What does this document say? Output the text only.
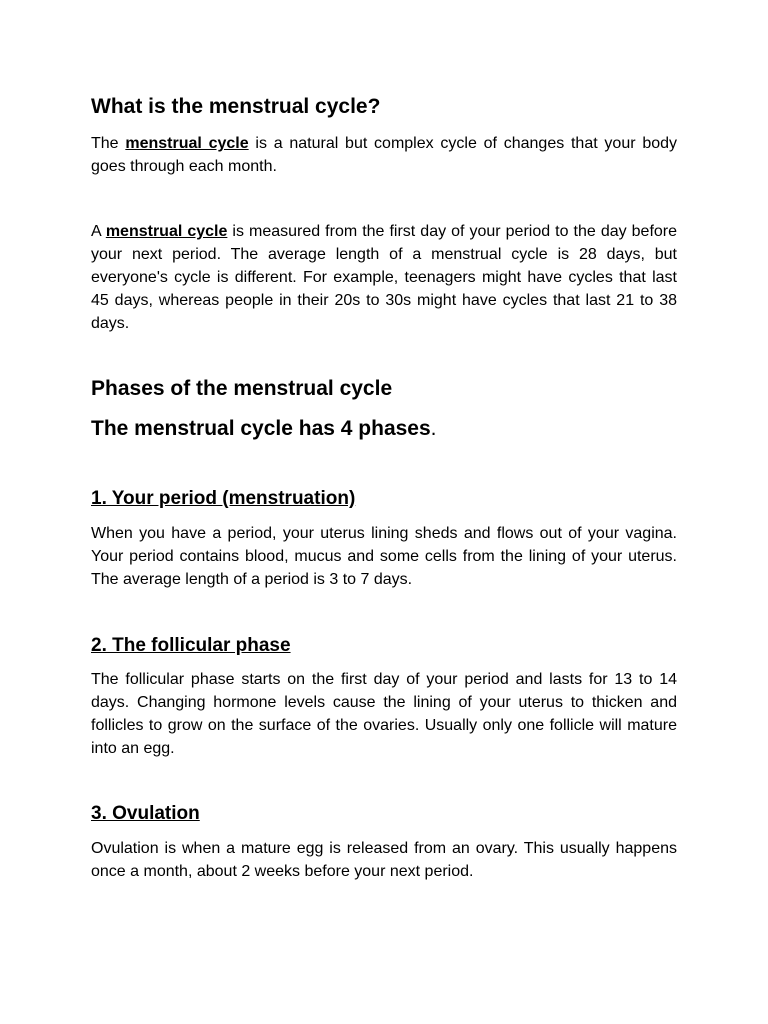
What is the menstrual cycle?

The menstrual cycle is a natural but complex cycle of changes that your body goes through each month.

A menstrual cycle is measured from the first day of your period to the day before your next period. The average length of a menstrual cycle is 28 days, but everyone's cycle is different. For example, teenagers might have cycles that last 45 days, whereas people in their 20s to 30s might have cycles that last 21 to 38 days.

Phases of the menstrual cycle
The menstrual cycle has 4 phases.
1. Your period (menstruation)

When you have a period, your uterus lining sheds and flows out of your vagina. Your period contains blood, mucus and some cells from the lining of your uterus. The average length of a period is 3 to 7 days.

2. The follicular phase

The follicular phase starts on the first day of your period and lasts for 13 to 14 days. Changing hormone levels cause the lining of your uterus to thicken and follicles to grow on the surface of the ovaries. Usually only one follicle will mature into an egg.

3. Ovulation

Ovulation is when a mature egg is released from an ovary. This usually happens once a month, about 2 weeks before your next period.
